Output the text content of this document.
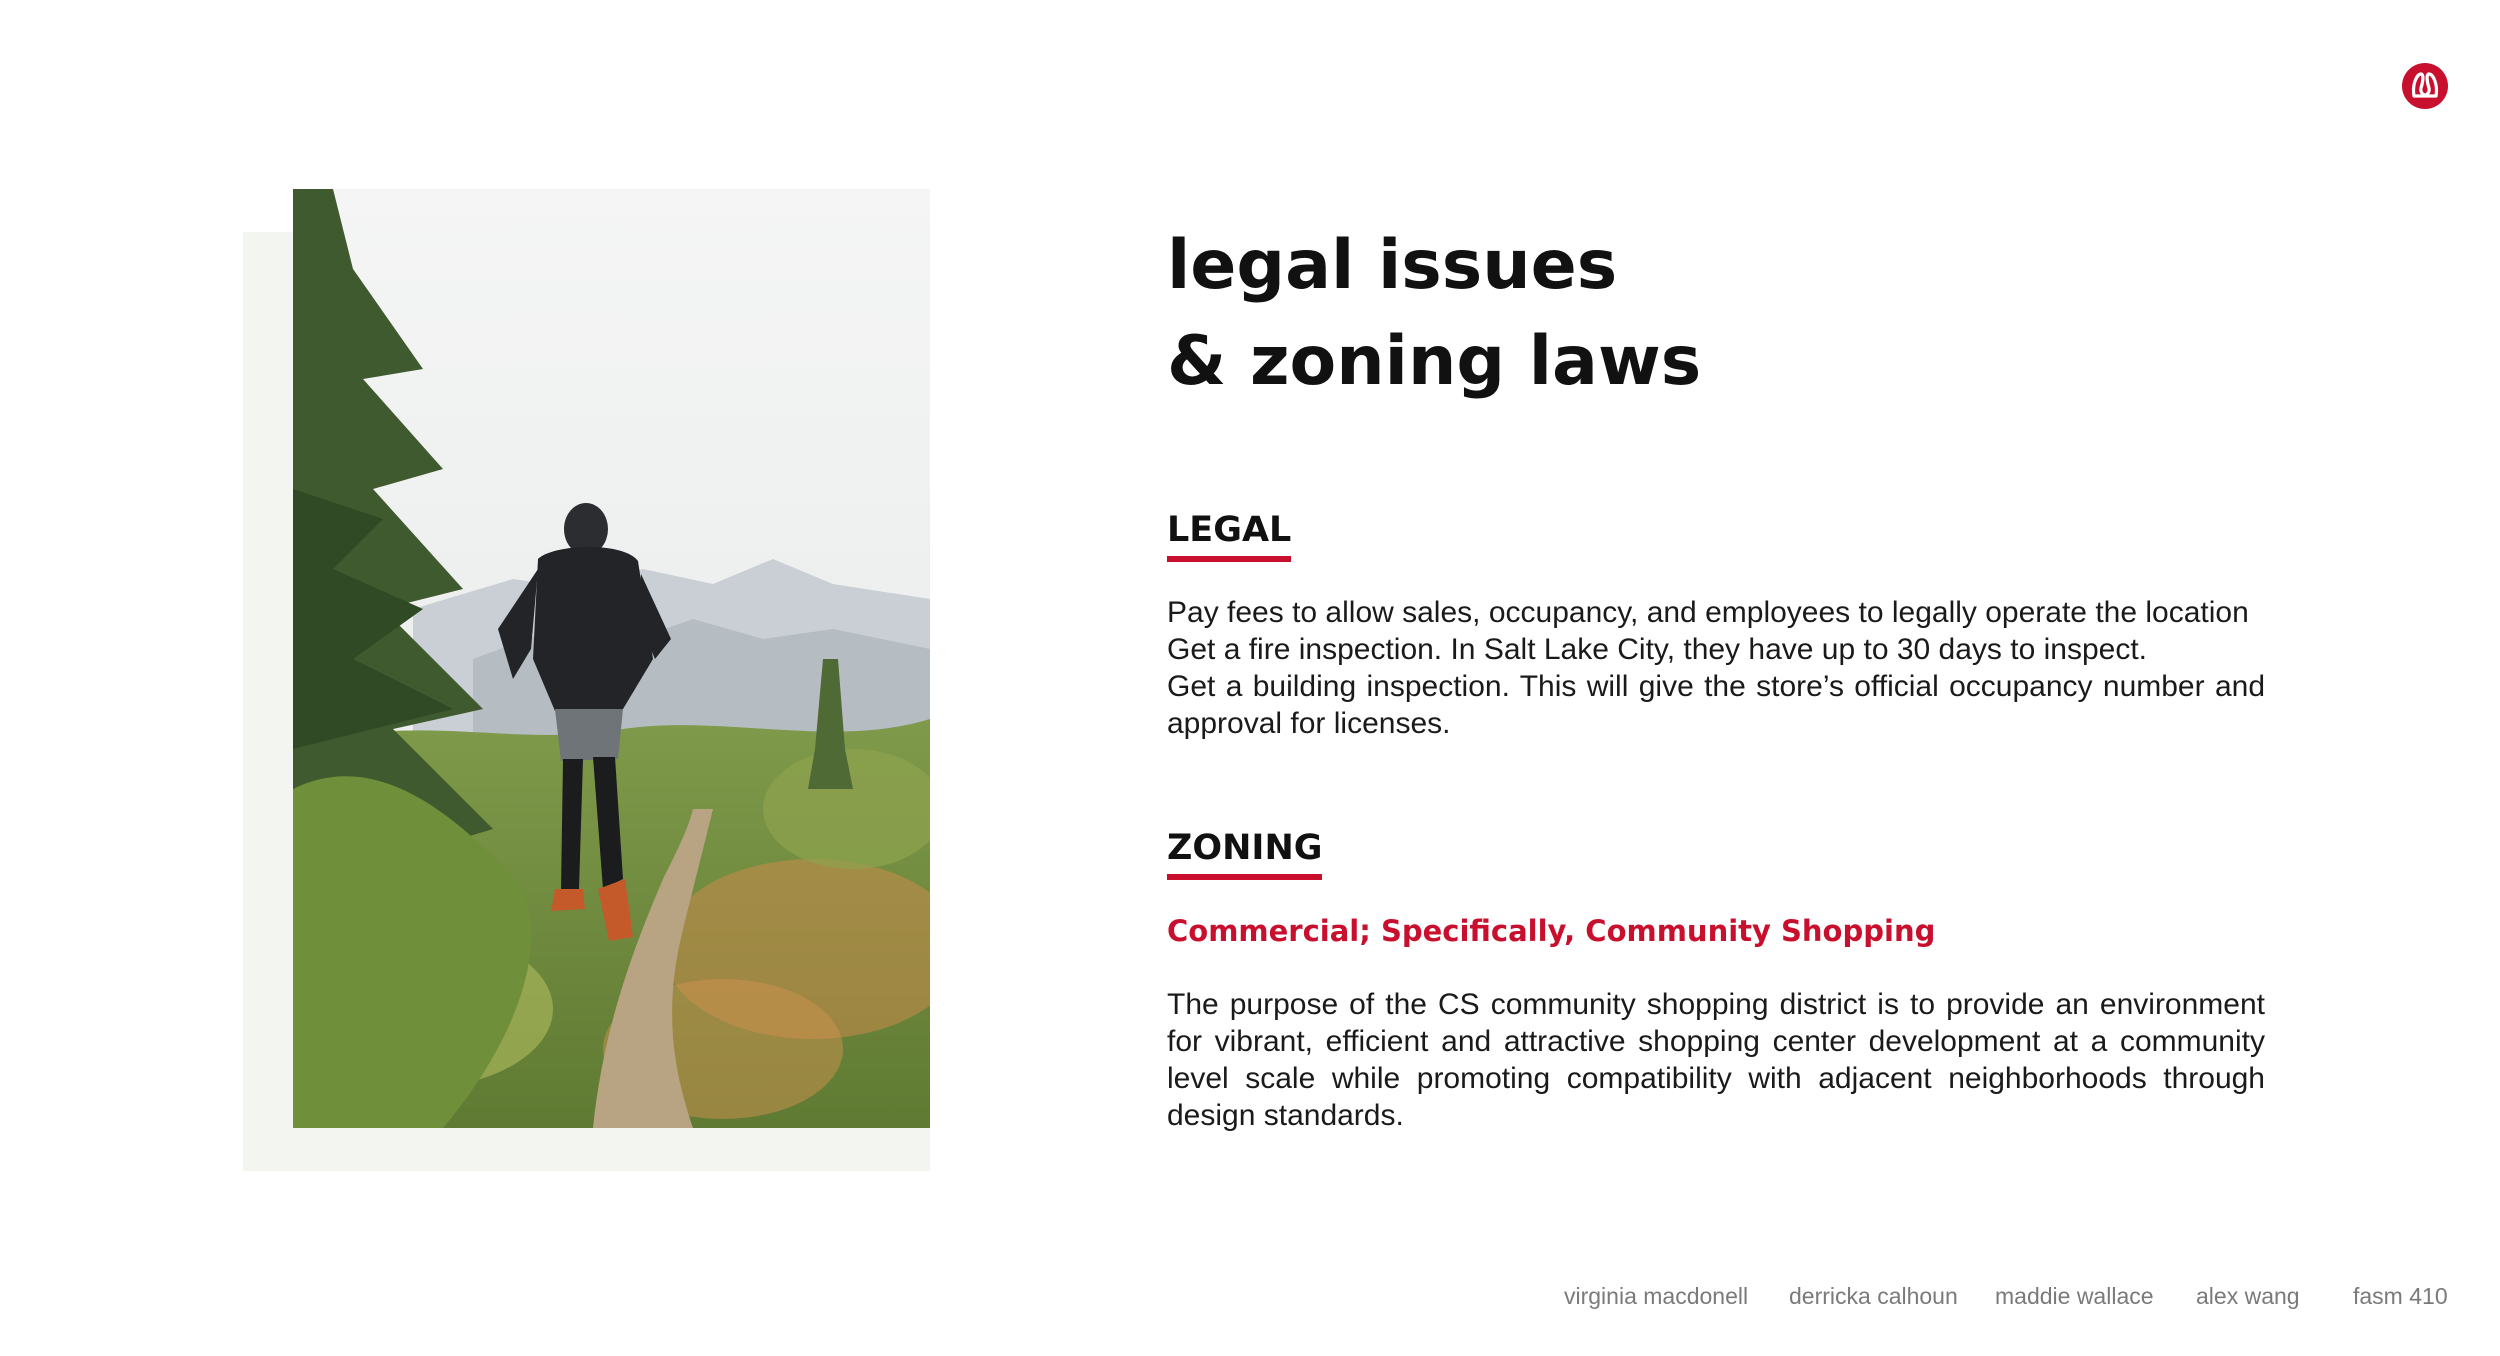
legal issues
& zoning laws
LEGAL
Pay fees to allow sales, occupancy, and employees to legally operate the location
Get a fire inspection. In Salt Lake City, they have up to 30 days to inspect.
Get a building inspection. This will give the store’s official occupancy number and approval for licenses.
ZONING
Commercial; Specifically, Community Shopping
The purpose of the CS community shopping district is to provide an environment for vibrant, efficient and attractive shopping center development at a community level scale while promoting compatibility with adjacent neighborhoods through design standards.
virginia macdonell derricka calhoun maddie wallace alex wang fasm 410
